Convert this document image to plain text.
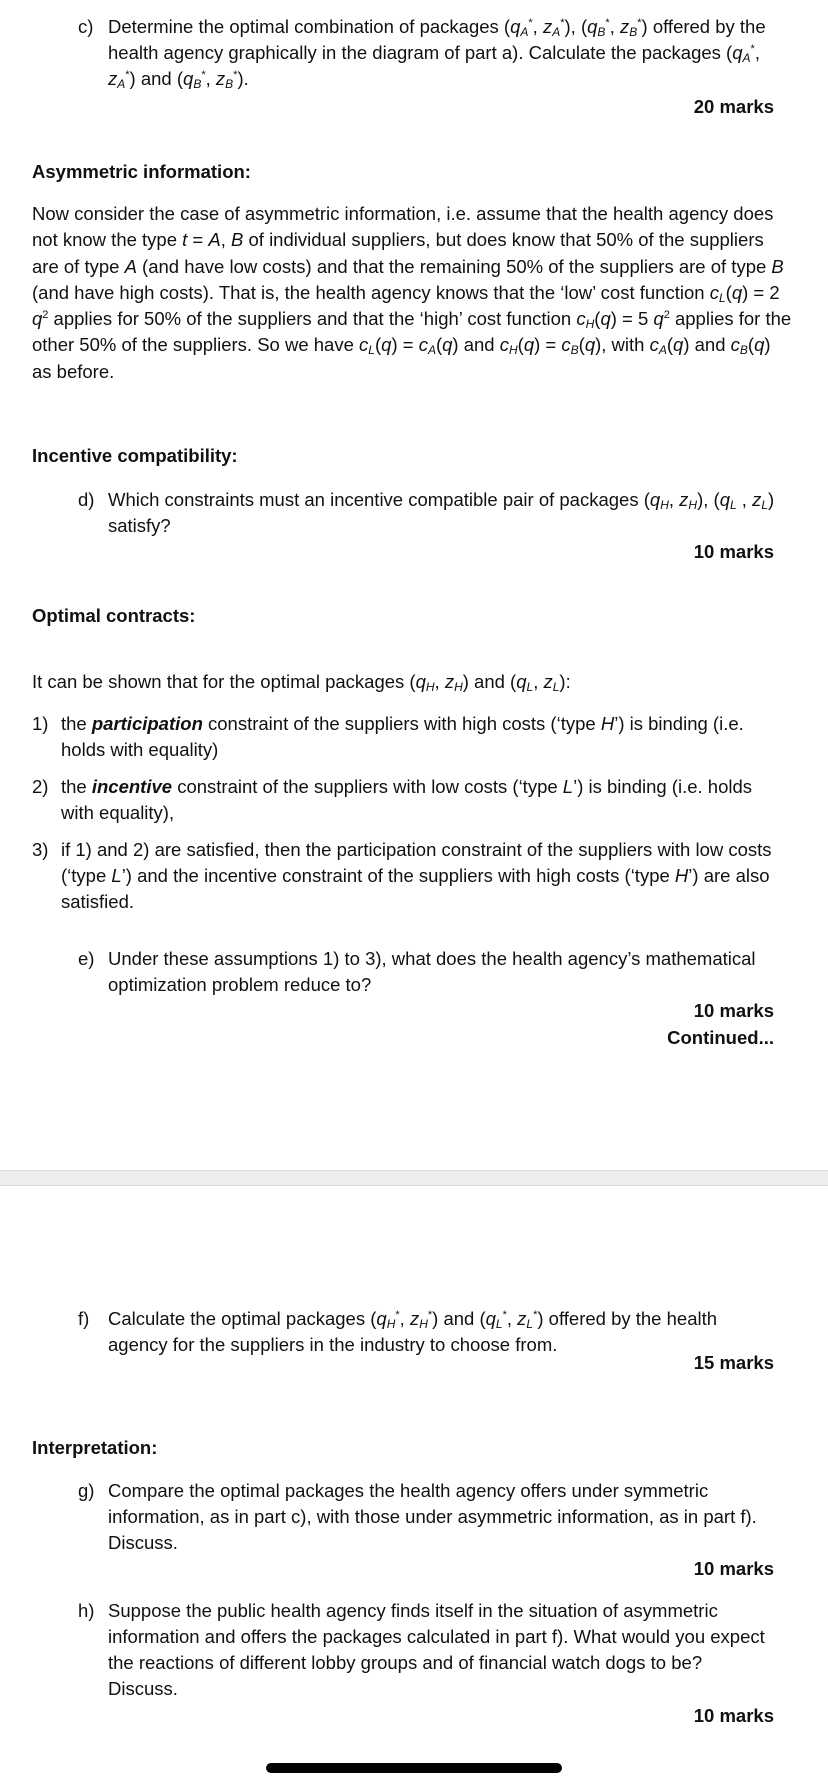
c) Determine the optimal combination of packages ($q_A^*$, $z_A^*$), ($q_B^*$, $z_B^*$) offered by the health agency graphically in the diagram of part a). Calculate the packages ($q_A^*$, $z_A^*$) and ($q_B^*$, $z_B^*$).
20 marks
Asymmetric information:
Now consider the case of asymmetric information, i.e. assume that the health agency does not know the type t = A, B of individual suppliers, but does know that 50% of the suppliers are of type A (and have low costs) and that the remaining 50% of the suppliers are of type B (and have high costs). That is, the health agency knows that the ‘low’ cost function $c_L(q) = 2$ $q^2$ applies for 50% of the suppliers and that the ‘high’ cost function $c_H(q) = 5$ $q^2$ applies for the other 50% of the suppliers. So we have $c_L(q) = c_A(q)$ and $c_H(q) = c_B(q)$, with $c_A(q)$ and $c_B(q)$ as before.
Incentive compatibility:
d) Which constraints must an incentive compatible pair of packages ($q_H$, $z_H$), ($q_L$ , $z_L$) satisfy?
10 marks
Optimal contracts:
It can be shown that for the optimal packages ($q_H$, $z_H$) and ($q_L$, $z_L$):
1) the participation constraint of the suppliers with high costs (‘type H’) is binding (i.e. holds with equality)
2) the incentive constraint of the suppliers with low costs (‘type L’) is binding (i.e. holds with equality),
3) if 1) and 2) are satisfied, then the participation constraint of the suppliers with low costs (‘type L’) and the incentive constraint of the suppliers with high costs (‘type H’) are also satisfied.
e) Under these assumptions 1) to 3), what does the health agency’s mathematical optimization problem reduce to?
10 marks
Continued...
f) Calculate the optimal packages ($q_H^*$, $z_H^*$) and ($q_L^*$, $z_L^*$) offered by the health agency for the suppliers in the industry to choose from.
15 marks
Interpretation:
g) Compare the optimal packages the health agency offers under symmetric information, as in part c), with those under asymmetric information, as in part f). Discuss.
10 marks
h) Suppose the public health agency finds itself in the situation of asymmetric information and offers the packages calculated in part f). What would you expect the reactions of different lobby groups and of financial watch dogs to be? Discuss.
10 marks
